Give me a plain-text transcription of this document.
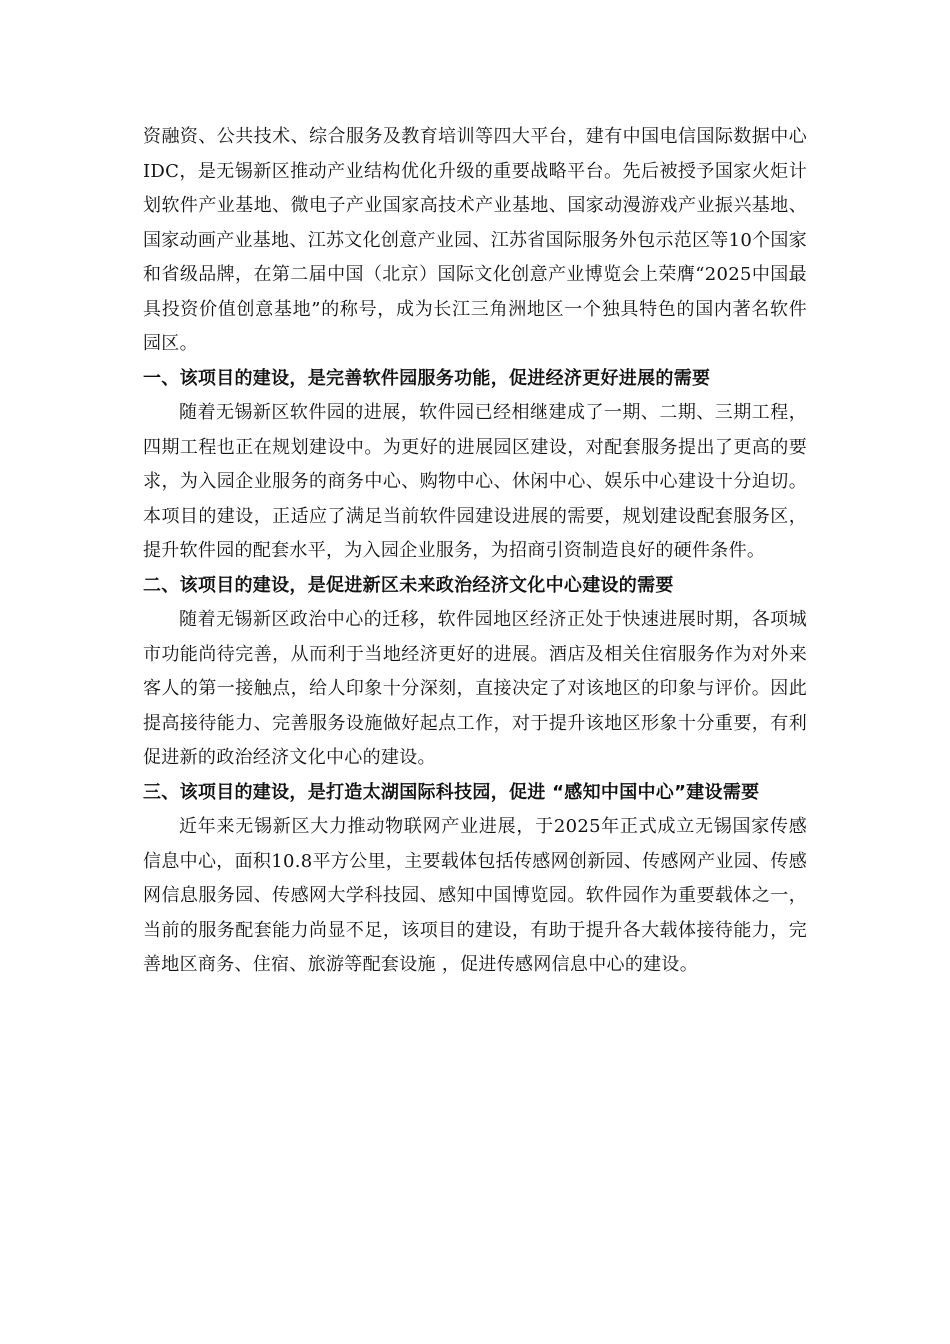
资融资、公共技术、综合服务及教育培训等四大平台，建有中国电信国际数据中心IDC，是无锡新区推动产业结构优化升级的重要战略平台。先后被授予国家火炬计划软件产业基地、微电子产业国家高技术产业基地、国家动漫游戏产业振兴基地、国家动画产业基地、江苏文化创意产业园、江苏省国际服务外包示范区等10个国家和省级品牌，在第二届中国（北京）国际文化创意产业博览会上荣膺“2025中国最具投资价值创意基地”的称号，成为长江三角洲地区一个独具特色的国内著名软件园区。

一、该项目的建设，是完善软件园服务功能，促进经济更好进展的需要

随着无锡新区软件园的进展，软件园已经相继建成了一期、二期、三期工程，四期工程也正在规划建设中。为更好的进展园区建设，对配套服务提出了更高的要求，为入园企业服务的商务中心、购物中心、休闲中心、娱乐中心建设十分迫切。本项目的建设，正适应了满足当前软件园建设进展的需要，规划建设配套服务区，提升软件园的配套水平，为入园企业服务，为招商引资制造良好的硬件条件。

二、该项目的建设，是促进新区未来政治经济文化中心建设的需要

随着无锡新区政治中心的迁移，软件园地区经济正处于快速进展时期，各项城市功能尚待完善，从而利于当地经济更好的进展。酒店及相关住宿服务作为对外来客人的第一接触点，给人印象十分深刻，直接决定了对该地区的印象与评价。因此提高接待能力、完善服务设施做好起点工作，对于提升该地区形象十分重要，有利促进新的政治经济文化中心的建设。

三、该项目的建设，是打造太湖国际科技园，促进 “感知中国中心”建设需要

近年来无锡新区大力推动物联网产业进展，于2025年正式成立无锡国家传感信息中心，面积10.8平方公里，主要载体包括传感网创新园、传感网产业园、传感网信息服务园、传感网大学科技园、感知中国博览园。软件园作为重要载体之一，当前的服务配套能力尚显不足，该项目的建设，有助于提升各大载体接待能力，完善地区商务、住宿、旅游等配套设施 ，促进传感网信息中心的建设。
